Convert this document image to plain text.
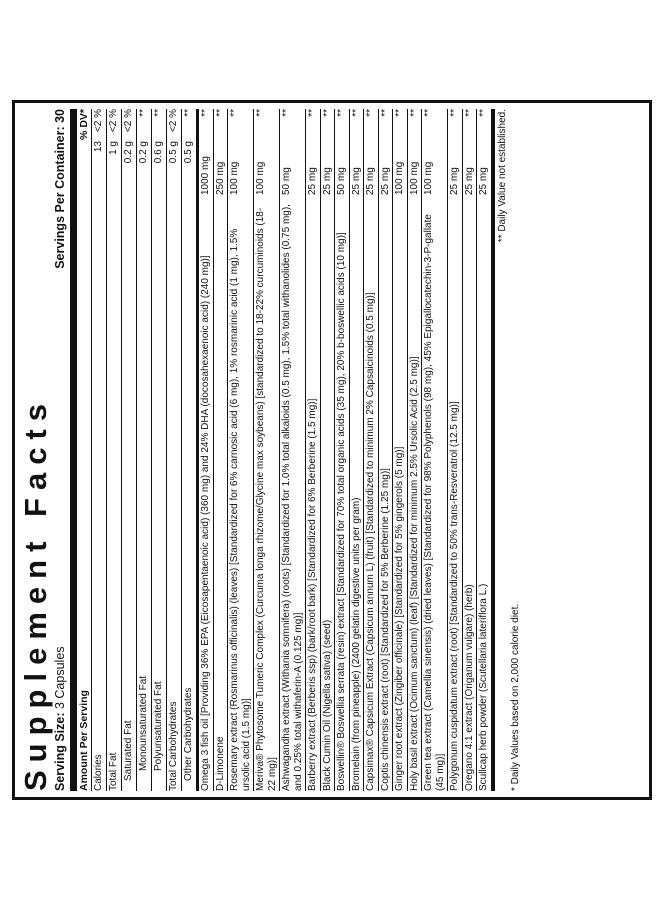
Supplement Facts Serving Size: 3 Capsules
Servings Per Container: 30
Amount Per Serving
% DV*
Calories
13
<2 %
Total Fat
1 g
<2 %
Saturated Fat
0.2 g
<2 %
Monounsaturated Fat
0.2 g
**
Polyunsaturated Fat
0.6 g
**
Total Carbohydrates
0.5 g
<2 %
Other Carbohydrates
0.5 g
**
Omega 3 fish oil [Providing 36% EPA (Eicosapentaenoic acid) (360 mg) and 24% DHA (docosahexaenoic acid) (240 mg)]
1000 mg
**
D-Limonene
250 mg
**
Rosemary extract (Rosmarinus officinalis) (leaves) [Standardized for 6% carnosic acid (6 mg), 1% rosmarinic acid (1 mg), 1.5% ursolic acid (1.5 mg)]
100 mg
**
Meriva® Phytosome Tumeric Complex (Curcuma longa rhizome/Glycine max soybeans) [standardized to 18-22% curcuminoids (18-22 mg)]
100 mg
**
Ashwagandha extract (Withania somnifera) (roots) [Standardized for 1.0% total alkaloids (0.5 mg), 1.5% total withanolides (0.75 mg), and 0.25% total withaferin-A (0.125 mg)]
50 mg
**
Barberry extract (Berberis ssp) (bark/root bark) [Standardized for 6% Berberine (1.5 mg)]
25 mg
**
Black Cumin Oil (Nigella sativa) (seed)
25 mg
**
Boswellin® Boswellia serrata (resin) extract [Standardized for 70% total organic acids (35 mg), 20% b-boswellic acids (10 mg)]
50 mg
**
Bromelain (from pineapple) (2400 gelatin digestive units per gram)
25 mg
**
Capsimax® Capsicum Extract (Capsicum annum L) (fruit) [Standardized to minimum 2% Capsaicinoids (0.5 mg)]
25 mg
**
Coptis chinensis extract (root) [Standardized for 5% Berberine (1.25 mg)]
25 mg
**
Ginger root extract (Zingiber officinale) [Standardized for 5% gingerols (5 mg)]
100 mg
**
Holy basil extract (Ocimum sanctum) (leaf) [Standardized for minimum 2.5% Ursolic Acid (2.5 mg)]
100 mg
**
Green tea extract (Camellia sinensis) (dried leaves) [Standardized for 98% Polyphenols (98 mg), 45% Epigallocatechin-3-P-gallate (45 mg)]
100 mg
**
Polygonum cuspidatum extract (root) [Standardized to 50% trans-Resveratrol (12.5 mg)]
25 mg
**
Oregano 4:1 extract (Origanum vulgare) (herb)
25 mg
**
Scullcap herb powder (Scutellaria lateriflora L.)
25 mg
** ** Daily Value not established.
* Daily Values based on 2,000 calorie diet.
